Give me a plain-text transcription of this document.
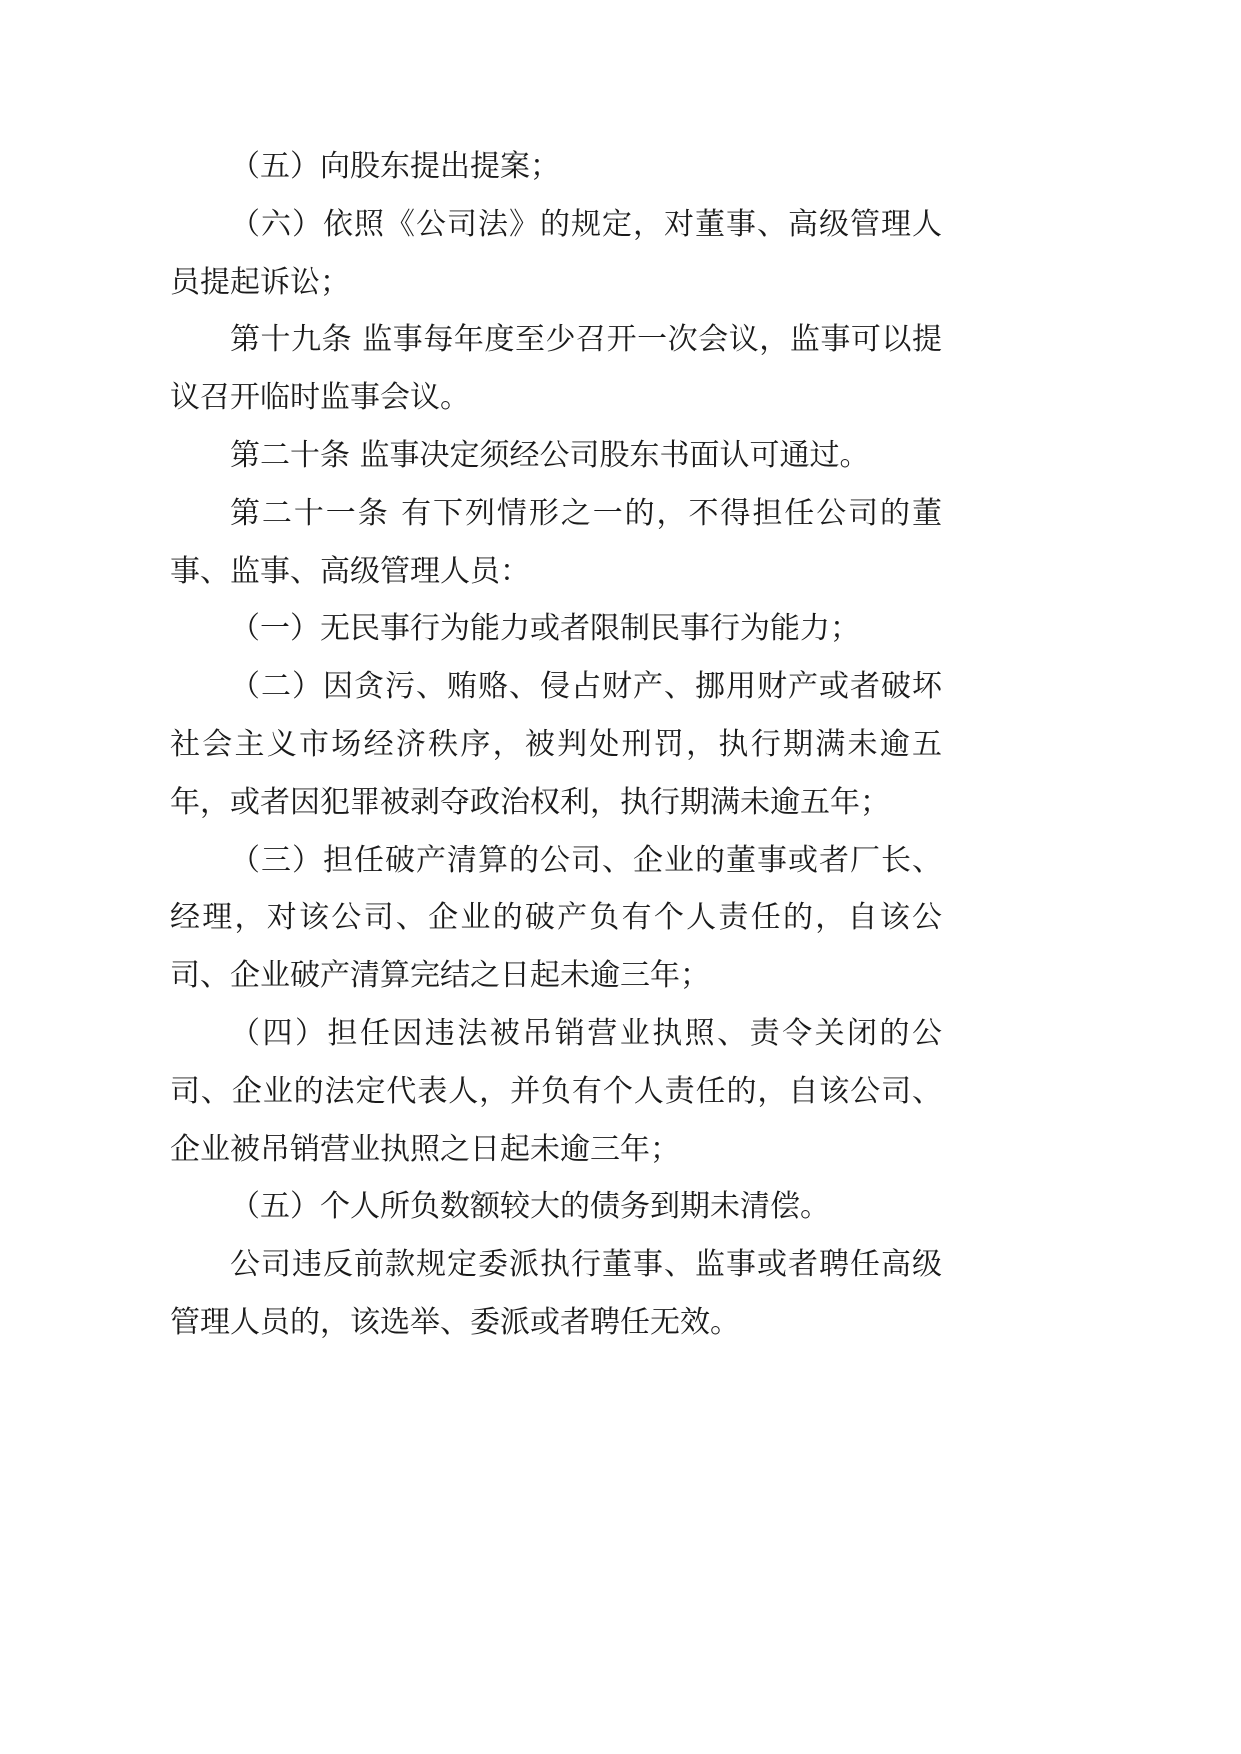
（五）向股东提出提案；

（六）依照《公司法》的规定，对董事、高级管理人员提起诉讼；

第十九条 监事每年度至少召开一次会议，监事可以提议召开临时监事会议。

第二十条 监事决定须经公司股东书面认可通过。

第二十一条 有下列情形之一的，不得担任公司的董事、监事、高级管理人员：

（一）无民事行为能力或者限制民事行为能力；

（二）因贪污、贿赂、侵占财产、挪用财产或者破坏社会主义市场经济秩序，被判处刑罚，执行期满未逾五年，或者因犯罪被剥夺政治权利，执行期满未逾五年；

（三）担任破产清算的公司、企业的董事或者厂长、经理，对该公司、企业的破产负有个人责任的，自该公司、企业破产清算完结之日起未逾三年；

（四）担任因违法被吊销营业执照、责令关闭的公司、企业的法定代表人，并负有个人责任的，自该公司、企业被吊销营业执照之日起未逾三年；

（五）个人所负数额较大的债务到期未清偿。

公司违反前款规定委派执行董事、监事或者聘任高级管理人员的，该选举、委派或者聘任无效。
